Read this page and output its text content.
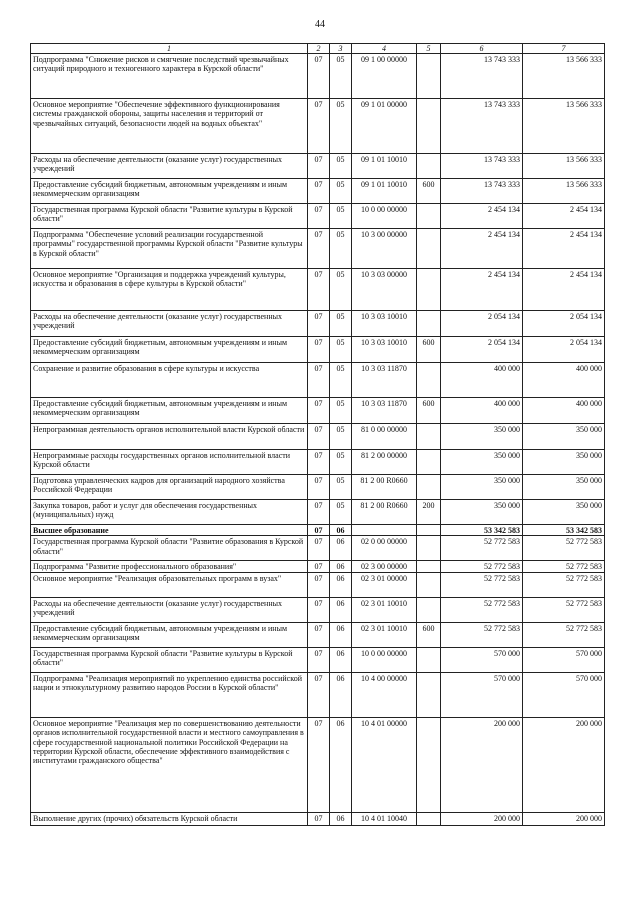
44
1	2	3	4	5	6	7
Подпрограмма "Снижение рисков и смягчение последствий чрезвычайных ситуаций природного и техногенного характера в Курской области"	07	05	09 1 00 00000		13 743 333	13 566 333
Основное мероприятие "Обеспечение эффективного функционирования системы гражданской обороны, защиты населения и территорий от чрезвычайных ситуаций, безопасности людей на водных объектах"	07	05	09 1 01 00000		13 743 333	13 566 333
Расходы на обеспечение деятельности (оказание услуг) государственных учреждений	07	05	09 1 01 10010		13 743 333	13 566 333
Предоставление субсидий бюджетным, автономным учреждениям и иным некоммерческим организациям	07	05	09 1 01 10010	600	13 743 333	13 566 333
Государственная программа Курской области "Развитие культуры в Курской области"	07	05	10 0 00 00000		2 454 134	2 454 134
Подпрограмма "Обеспечение условий реализации государственной программы" государственной программы Курской области "Развитие культуры в Курской области"	07	05	10 3 00 00000		2 454 134	2 454 134
Основное мероприятие "Организация и поддержка учреждений культуры, искусства и образования в сфере культуры в Курской области"	07	05	10 3 03 00000		2 454 134	2 454 134
Расходы на обеспечение деятельности (оказание услуг) государственных учреждений	07	05	10 3 03 10010		2 054 134	2 054 134
Предоставление субсидий бюджетным, автономным учреждениям и иным некоммерческим организациям	07	05	10 3 03 10010	600	2 054 134	2 054 134
Сохранение и развитие образования в сфере культуры и искусства	07	05	10 3 03 11870		400 000	400 000
Предоставление субсидий бюджетным, автономным учреждениям и иным некоммерческим организациям	07	05	10 3 03 11870	600	400 000	400 000
Непрограммная деятельность органов исполнительной власти Курской области	07	05	81 0 00 00000		350 000	350 000
Непрограммные расходы государственных органов исполнительной власти Курской области	07	05	81 2 00 00000		350 000	350 000
Подготовка управленческих кадров для организаций народного хозяйства Российской Федерации	07	05	81 2 00 R0660		350 000	350 000
Закупка товаров, работ и услуг для обеспечения государственных (муниципальных) нужд	07	05	81 2 00 R0660	200	350 000	350 000
Высшее образование	07	06			53 342 583	53 342 583
Государственная программа Курской области "Развитие образования в Курской области"	07	06	02 0 00 00000		52 772 583	52 772 583
Подпрограмма "Развитие профессионального образования"	07	06	02 3 00 00000		52 772 583	52 772 583
Основное мероприятие "Реализация образовательных программ в вузах"	07	06	02 3 01 00000		52 772 583	52 772 583
Расходы на обеспечение деятельности (оказание услуг) государственных учреждений	07	06	02 3 01 10010		52 772 583	52 772 583
Предоставление субсидий бюджетным, автономным учреждениям и иным некоммерческим организациям	07	06	02 3 01 10010	600	52 772 583	52 772 583
Государственная программа Курской области "Развитие культуры в Курской области"	07	06	10 0 00 00000		570 000	570 000
Подпрограмма "Реализация мероприятий по укреплению единства российской нации и этнокультурному развитию народов России в Курской области"	07	06	10 4 00 00000		570 000	570 000
Основное мероприятие "Реализация мер по совершенствованию деятельности органов исполнительной государственной власти и местного самоуправления в сфере государственной национальной политики Российской Федерации на территории Курской области, обеспечение эффективного взаимодействия с институтами гражданского общества"	07	06	10 4 01 00000		200 000	200 000
Выполнение других (прочих) обязательств Курской области	07	06	10 4 01 10040		200 000	200 000
